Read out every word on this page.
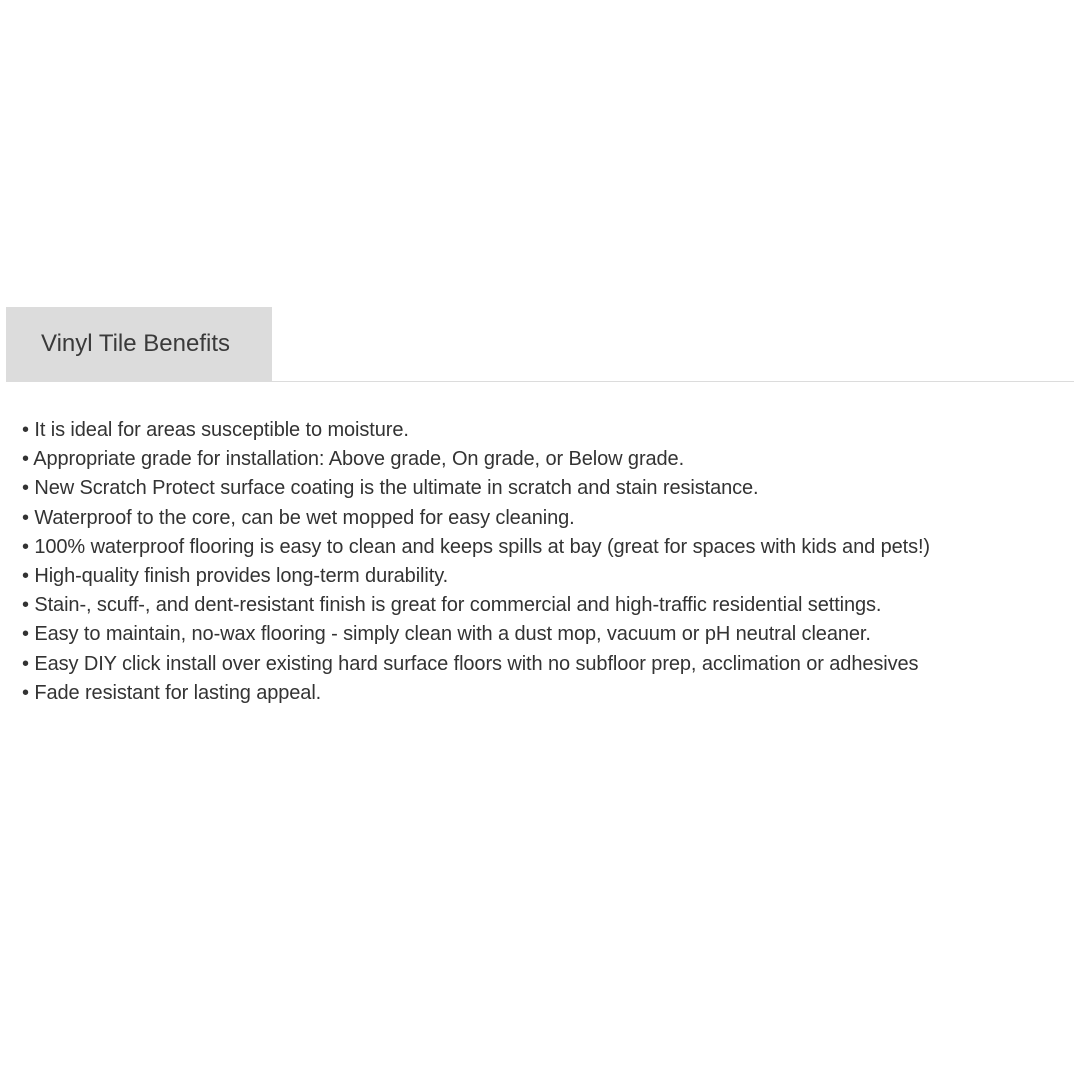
Vinyl Tile Benefits
• It is ideal for areas susceptible to moisture.
• Appropriate grade for installation: Above grade, On grade, or Below grade.
• New Scratch Protect surface coating is the ultimate in scratch and stain resistance.
• Waterproof to the core, can be wet mopped for easy cleaning.
• 100% waterproof flooring is easy to clean and keeps spills at bay (great for spaces with kids and pets!)
• High-quality finish provides long-term durability.
• Stain-, scuff-, and dent-resistant finish is great for commercial and high-traffic residential settings.
• Easy to maintain, no-wax flooring - simply clean with a dust mop, vacuum or pH neutral cleaner.
• Easy DIY click install over existing hard surface floors with no subfloor prep, acclimation or adhesives
• Fade resistant for lasting appeal.
